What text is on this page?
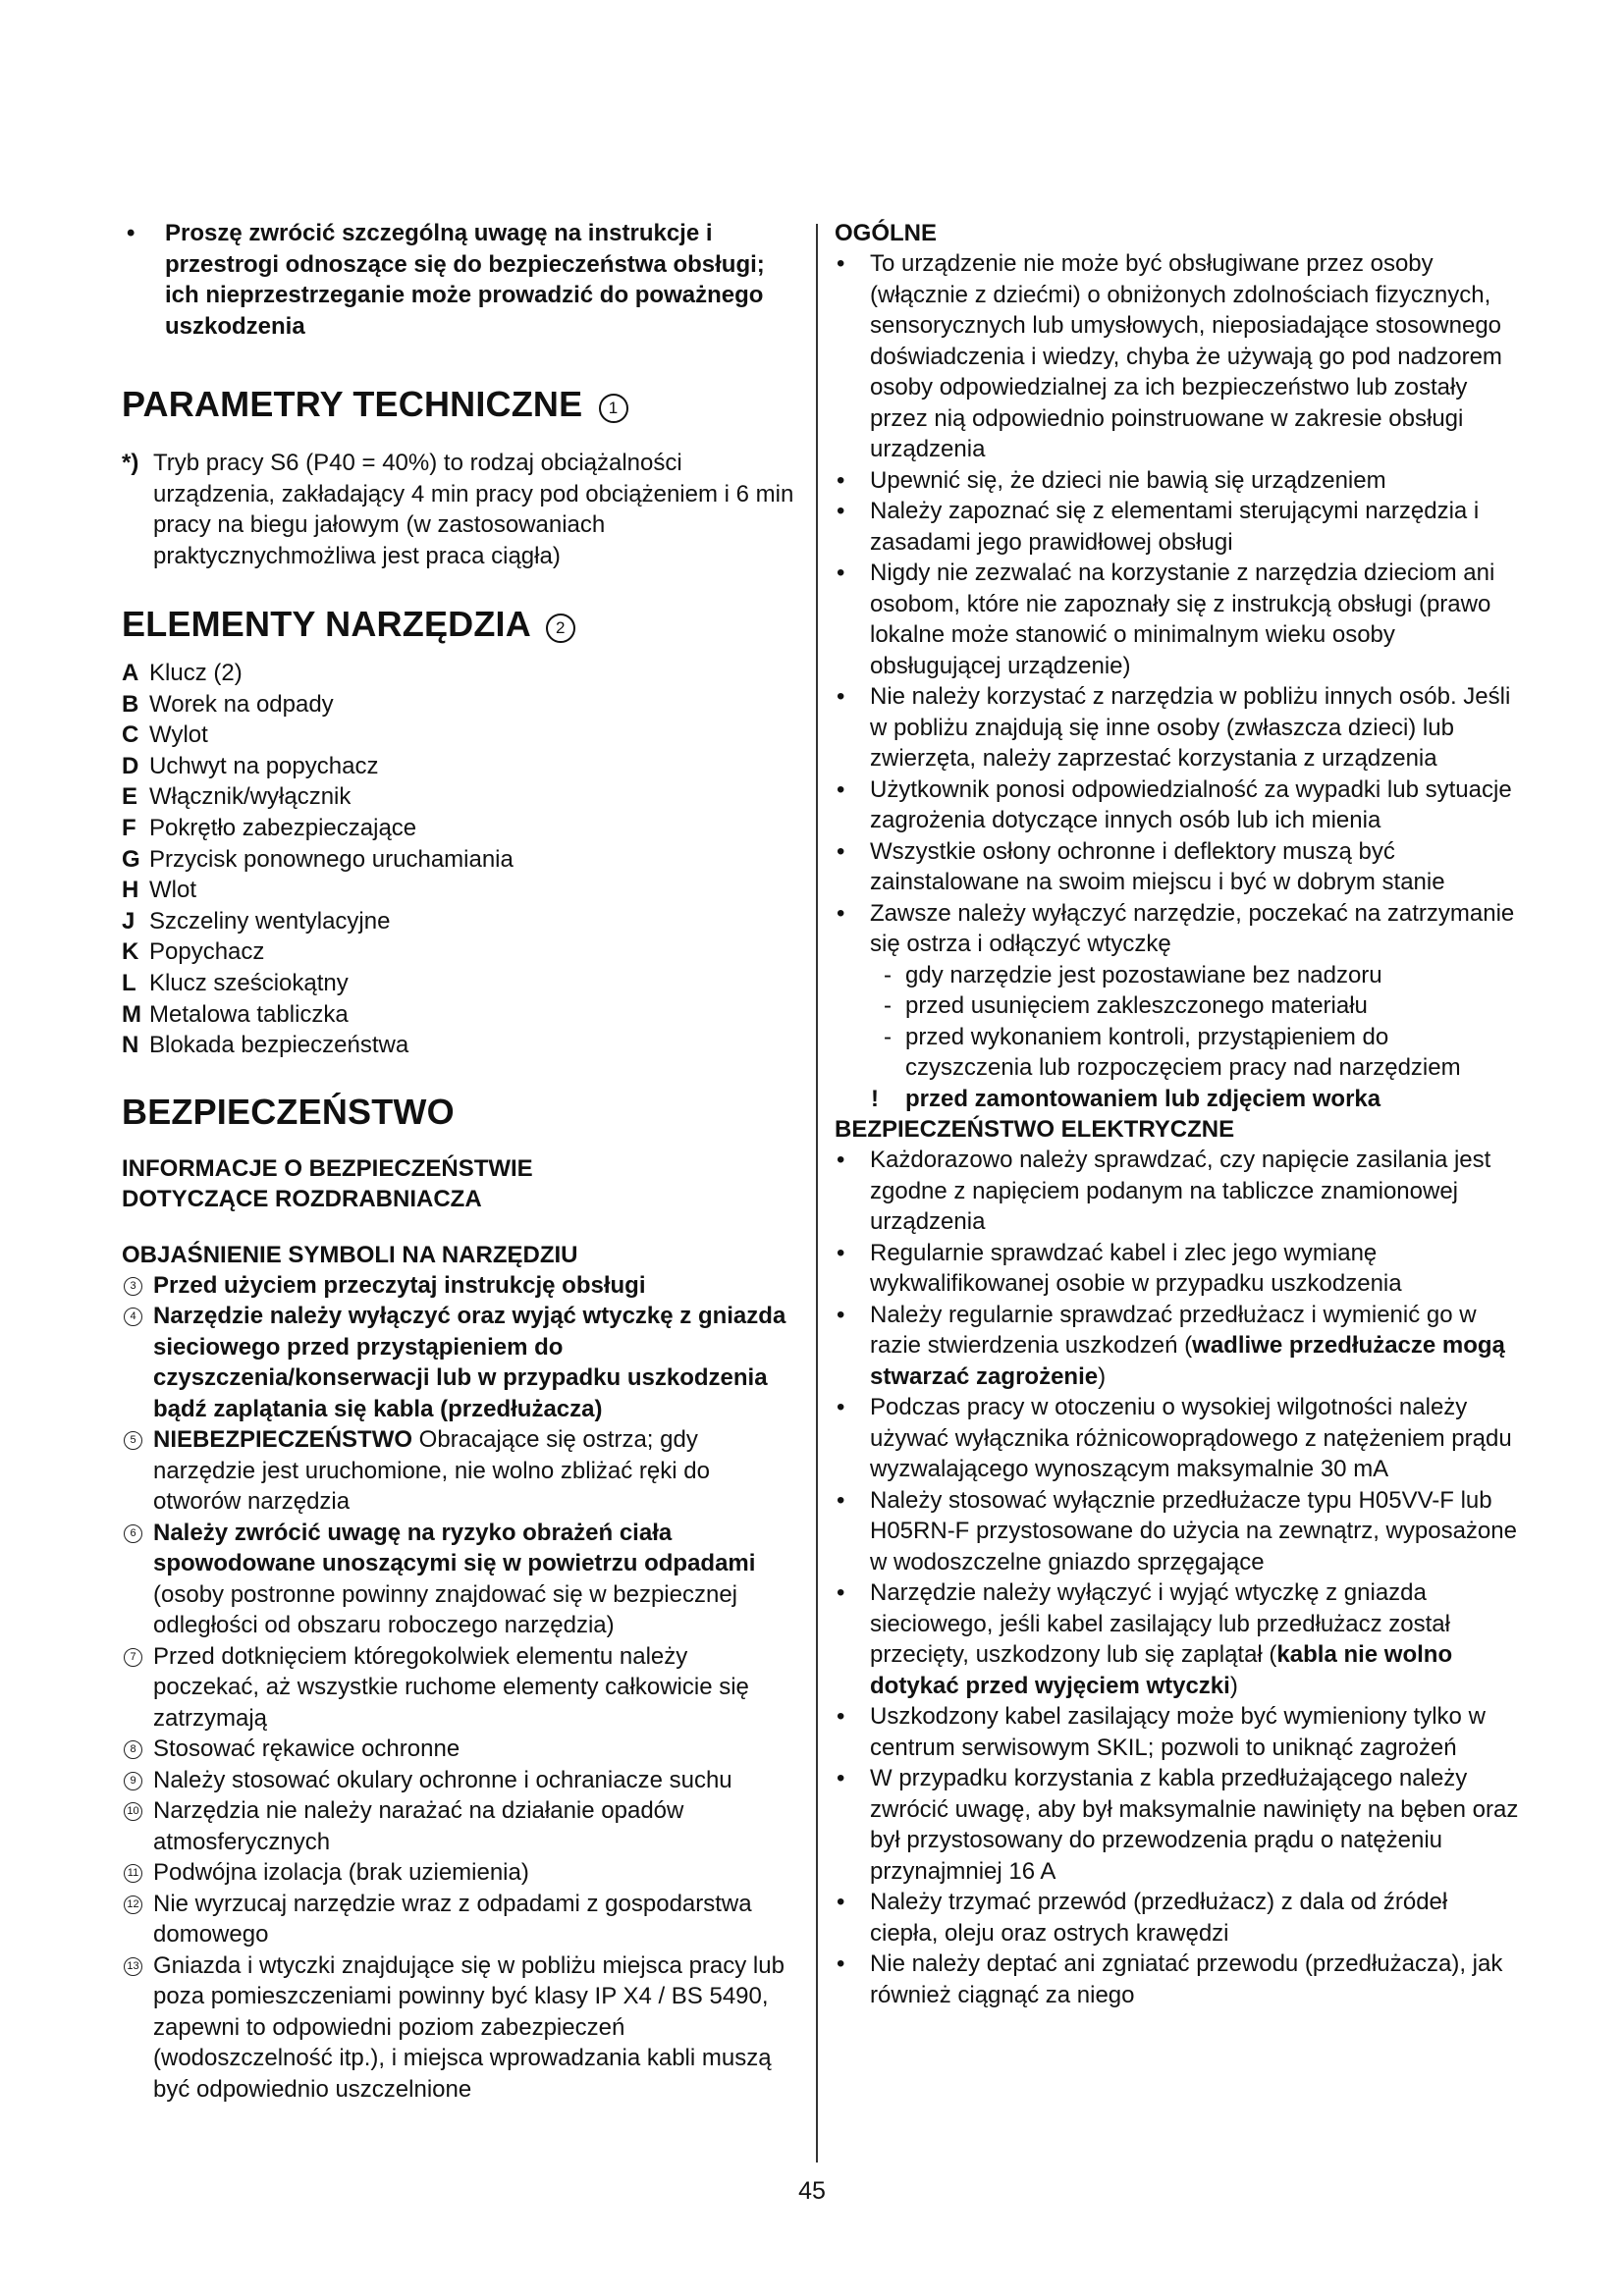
• Proszę zwrócić szczególną uwagę na instrukcje i przestrogi odnoszące się do bezpieczeństwa obsługi; ich nieprzestrzeganie może prowadzić do poważnego uszkodzenia
PARAMETRY TECHNICZNE 1
*) Tryb pracy S6 (P40 = 40%) to rodzaj obciążalności urządzenia, zakładający 4 min pracy pod obciążeniem i 6 min pracy na biegu jałowym (w zastosowaniach praktycznychmożliwa jest praca ciągła)
ELEMENTY NARZĘDZIA 2
A Klucz (2)
B Worek na odpady
C Wylot
D Uchwyt na popychacz
E Włącznik/wyłącznik
F Pokrętło zabezpieczające
G Przycisk ponownego uruchamiania
H Wlot
J Szczeliny wentylacyjne
K Popychacz
L Klucz sześciokątny
M Metalowa tabliczka
N Blokada bezpieczeństwa
BEZPIECZEŃSTWO
INFORMACJE O BEZPIECZEŃSTWIE DOTYCZĄCE ROZDRABNIACZA
OBJAŚNIENIE SYMBOLI NA NARZĘDZIU
3 Przed użyciem przeczytaj instrukcję obsługi
4 Narzędzie należy wyłączyć oraz wyjąć wtyczkę z gniazda sieciowego przed przystąpieniem do czyszczenia/konserwacji lub w przypadku uszkodzenia bądź zaplątania się kabla (przedłużacza)
5 NIEBEZPIECZEŃSTWO Obracające się ostrza; gdy narzędzie jest uruchomione, nie wolno zbliżać ręki do otworów narzędzia
6 Należy zwrócić uwagę na ryzyko obrażeń ciała spowodowane unoszącymi się w powietrzu odpadami (osoby postronne powinny znajdować się w bezpiecznej odległości od obszaru roboczego narzędzia)
7 Przed dotknięciem któregokolwiek elementu należy poczekać, aż wszystkie ruchome elementy całkowicie się zatrzymają
8 Stosować rękawice ochronne
9 Należy stosować okulary ochronne i ochraniacze suchu
10 Narzędzia nie należy narażać na działanie opadów atmosferycznych
11 Podwójna izolacja (brak uziemienia)
12 Nie wyrzucaj narzędzie wraz z odpadami z gospodarstwa domowego
13 Gniazda i wtyczki znajdujące się w pobliżu miejsca pracy lub poza pomieszczeniami powinny być klasy IP X4 / BS 5490, zapewni to odpowiedni poziom zabezpieczeń (wodoszczelność itp.), i miejsca wprowadzania kabli muszą być odpowiednio uszczelnione
OGÓLNE
• To urządzenie nie może być obsługiwane przez osoby (włącznie z dziećmi) o obniżonych zdolnościach fizycznych, sensorycznych lub umysłowych, nieposiadające stosownego doświadczenia i wiedzy, chyba że używają go pod nadzorem osoby odpowiedzialnej za ich bezpieczeństwo lub zostały przez nią odpowiednio poinstruowane w zakresie obsługi urządzenia
• Upewnić się, że dzieci nie bawią się urządzeniem
• Należy zapoznać się z elementami sterującymi narzędzia i zasadami jego prawidłowej obsługi
• Nigdy nie zezwalać na korzystanie z narzędzia dzieciom ani osobom, które nie zapoznały się z instrukcją obsługi (prawo lokalne może stanowić o minimalnym wieku osoby obsługującej urządzenie)
• Nie należy korzystać z narzędzia w pobliżu innych osób. Jeśli w pobliżu znajdują się inne osoby (zwłaszcza dzieci) lub zwierzęta, należy zaprzestać korzystania z urządzenia
• Użytkownik ponosi odpowiedzialność za wypadki lub sytuacje zagrożenia dotyczące innych osób lub ich mienia
• Wszystkie osłony ochronne i deflektory muszą być zainstalowane na swoim miejscu i być w dobrym stanie
• Zawsze należy wyłączyć narzędzie, poczekać na zatrzymanie się ostrza i odłączyć wtyczkę
- gdy narzędzie jest pozostawiane bez nadzoru
- przed usunięciem zakleszczonego materiału
- przed wykonaniem kontroli, przystąpieniem do czyszczenia lub rozpoczęciem pracy nad narzędziem
! przed zamontowaniem lub zdjęciem worka
BEZPIECZEŃSTWO ELEKTRYCZNE
• Każdorazowo należy sprawdzać, czy napięcie zasilania jest zgodne z napięciem podanym na tabliczce znamionowej urządzenia
• Regularnie sprawdzać kabel i zlec jego wymianę wykwalifikowanej osobie w przypadku uszkodzenia
• Należy regularnie sprawdzać przedłużacz i wymienić go w razie stwierdzenia uszkodzeń (wadliwe przedłużacze mogą stwarzać zagrożenie)
• Podczas pracy w otoczeniu o wysokiej wilgotności należy używać wyłącznika różnicowoprądowego z natężeniem prądu wyzwalającego wynoszącym maksymalnie 30 mA
• Należy stosować wyłącznie przedłużacze typu H05VV-F lub H05RN-F przystosowane do użycia na zewnątrz, wyposażone w wodoszczelne gniazdo sprzęgające
• Narzędzie należy wyłączyć i wyjąć wtyczkę z gniazda sieciowego, jeśli kabel zasilający lub przedłużacz został przecięty, uszkodzony lub się zaplątał (kabla nie wolno dotykać przed wyjęciem wtyczki)
• Uszkodzony kabel zasilający może być wymieniony tylko w centrum serwisowym SKIL; pozwoli to uniknąć zagrożeń
• W przypadku korzystania z kabla przedłużającego należy zwrócić uwagę, aby był maksymalnie nawinięty na bęben oraz był przystosowany do przewodzenia prądu o natężeniu przynajmniej 16 A
• Należy trzymać przewód (przedłużacz) z dala od źródeł ciepła, oleju oraz ostrych krawędzi
• Nie należy deptać ani zgniatać przewodu (przedłużacza), jak również ciągnąć za niego
45
